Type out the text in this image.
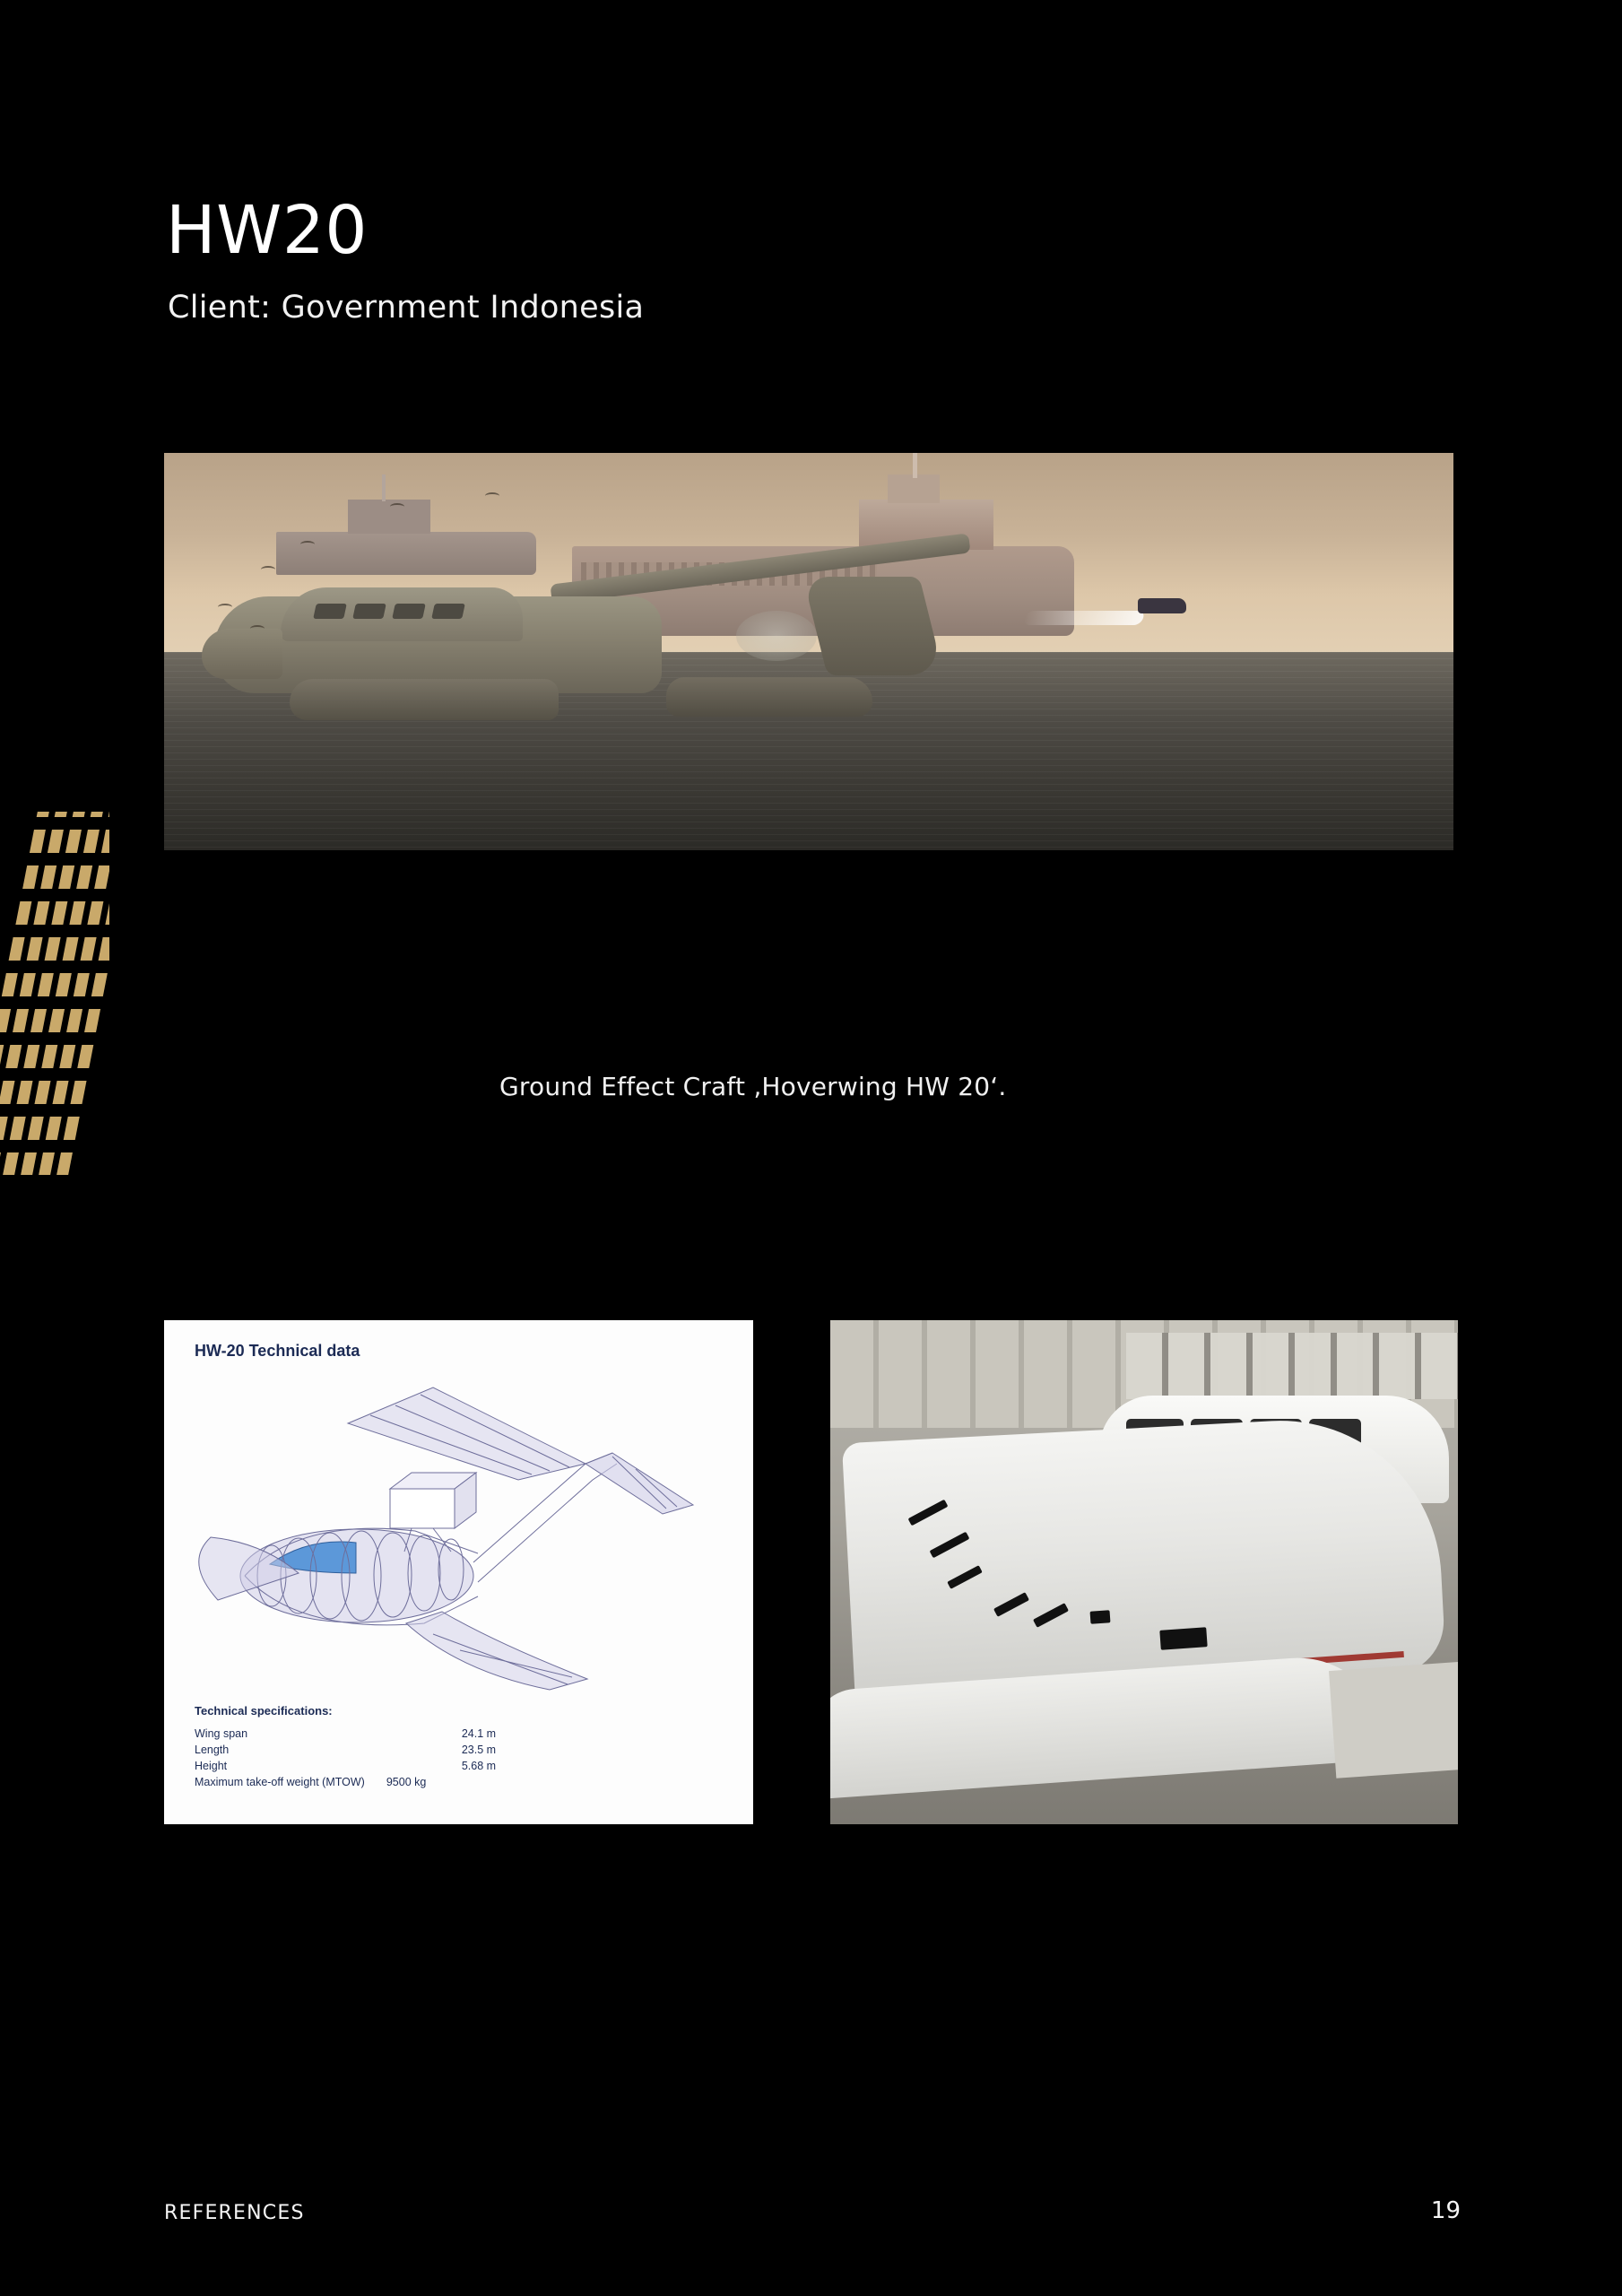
HW20
Client: Government Indonesia
Ground Effect Craft ‚Hoverwing HW 20‘.
HW-20 Technical data
Technical specifications:
Wing span	24.1 m
Length	23.5 m
Height	5.68 m
Maximum take-off weight (MTOW)	9500 kg
REFERENCES	19
